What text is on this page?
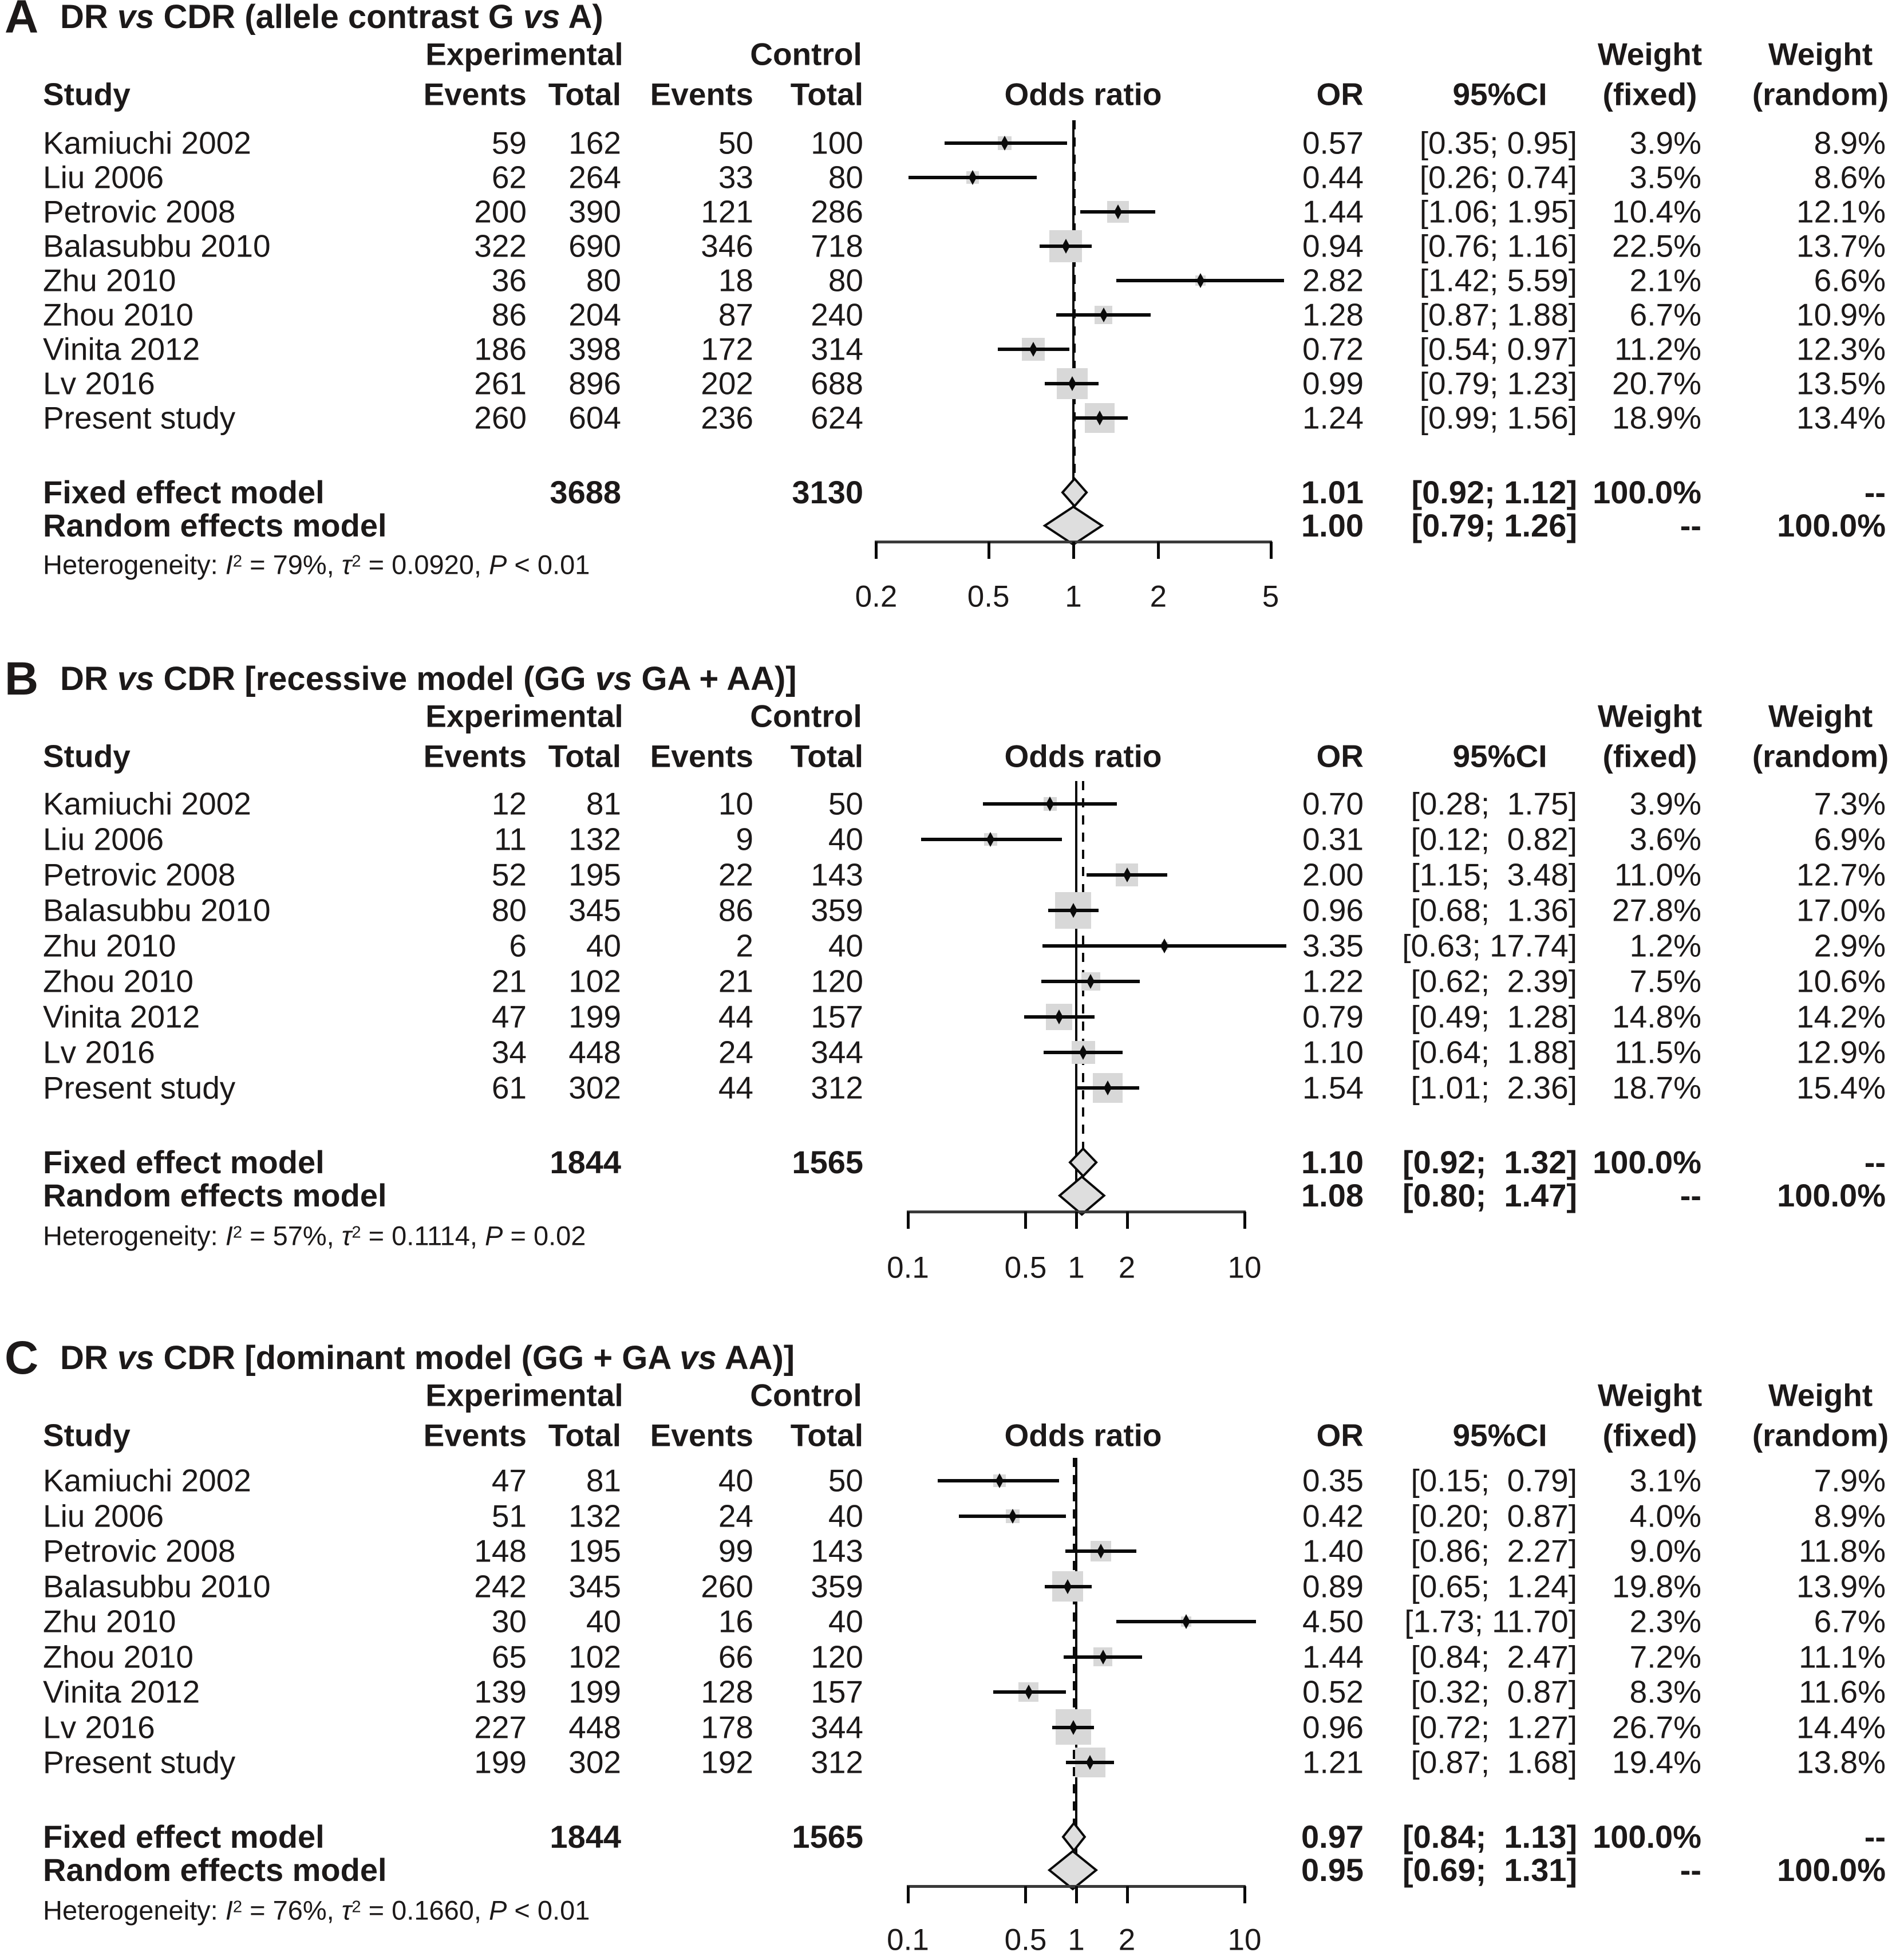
A DR vs CDR (allele contrast G vs A)
Experimental	Control	Weight Weight
Study	Events Total Events Total	Odds ratio	OR	95%CI (fixed) (random)
Kamiuchi 2002	59 162	50 100	0.57 [0.35; 0.95] 3.9%	8.9%
Liu 2006	62 264	33 80	0.44 [0.26; 0.74] 3.5%	8.6%
Petrovic 2008	200 390	121 286	1.44 [1.06; 1.95] 10.4%	12.1%
Balasubbu 2010	322 690	346 718	0.94 [0.76; 1.16] 22.5%	13.7%
Zhu 2010	36 80	18 80	2.82 [1.42; 5.59] 2.1%	6.6%
Zhou 2010	86 204	87 240	1.28 [0.87; 1.88] 6.7%	10.9%
Vinita 2012	186 398	172 314	0.72 [0.54; 0.97] 11.2%	12.3%
Lv 2016	261 896	202 688	0.99 [0.79; 1.23] 20.7%	13.5%
Present study	260 604	236 624	1.24 [0.99; 1.56] 18.9%	13.4%
Fixed effect model	3688	3130	1.01 [0.92; 1.12] 100.0%	--
Random effects model	1.00 [0.79; 1.26]	-- 100.0%
Heterogeneity: $I^2 = 79\%$, $\tau^2 = 0.0920$, P < 0.01
0.2 0.5 1 2	5
B DR vs CDR [recessive model (GG vs GA + AA)]
Experimental	Control	Weight Weight
Study	Events Total Events Total	Odds ratio	OR	95%CI (fixed) (random)
Kamiuchi 2002	12 81	10 50	0.70 [0.28;  1.75] 3.9%	7.3%
Liu 2006	11 132	9 40	0.31 [0.12;  0.82] 3.6%	6.9%
Petrovic 2008	52 195	22 143	2.00 [1.15;  3.48] 11.0%	12.7%
Balasubbu 2010	80 345	86 359	0.96 [0.68;  1.36] 27.8%	17.0%
Zhu 2010	6 40	2 40	3.35 [0.63; 17.74] 1.2%	2.9%
Zhou 2010	21 102	21 120	1.22 [0.62;  2.39] 7.5%	10.6%
Vinita 2012	47 199	44 157	0.79 [0.49;  1.28] 14.8%	14.2%
Lv 2016	34 448	24 344	1.10 [0.64;  1.88] 11.5%	12.9%
Present study	61 302	44 312	1.54 [1.01;  2.36] 18.7%	15.4%
Fixed effect model	1844	1565	1.10 [0.92;  1.32] 100.0%	--
Random effects model	1.08 [0.80;  1.47]	-- 100.0%
Heterogeneity: $I^2 = 57\%$, $\tau^2 = 0.1114$, P = 0.02
0.1 0.5 1 2	10
C DR vs CDR [dominant model (GG + GA vs AA)]
Experimental	Control	Weight Weight
Study	Events Total Events Total	Odds ratio	OR	95%CI (fixed) (random)
Kamiuchi 2002	47 81	40 50	0.35 [0.15;  0.79] 3.1%	7.9%
Liu 2006	51 132	24 40	0.42 [0.20;  0.87] 4.0%	8.9%
Petrovic 2008	148 195	99 143	1.40 [0.86;  2.27] 9.0%	11.8%
Balasubbu 2010	242 345	260 359	0.89 [0.65;  1.24] 19.8%	13.9%
Zhu 2010	30 40	16 40	4.50 [1.73; 11.70] 2.3%	6.7%
Zhou 2010	65 102	66 120	1.44 [0.84;  2.47] 7.2%	11.1%
Vinita 2012	139 199	128 157	0.52 [0.32;  0.87] 8.3%	11.6%
Lv 2016	227 448	178 344	0.96 [0.72;  1.27] 26.7%	14.4%
Present study	199 302	192 312	1.21 [0.87;  1.68] 19.4%	13.8%
Fixed effect model	1844	1565	0.97 [0.84;  1.13] 100.0%	--
Random effects model	0.95 [0.69;  1.31]	-- 100.0%
Heterogeneity: $I^2 = 76\%$, $\tau^2 = 0.1660$, P < 0.01
0.1 0.5 1 2	10
